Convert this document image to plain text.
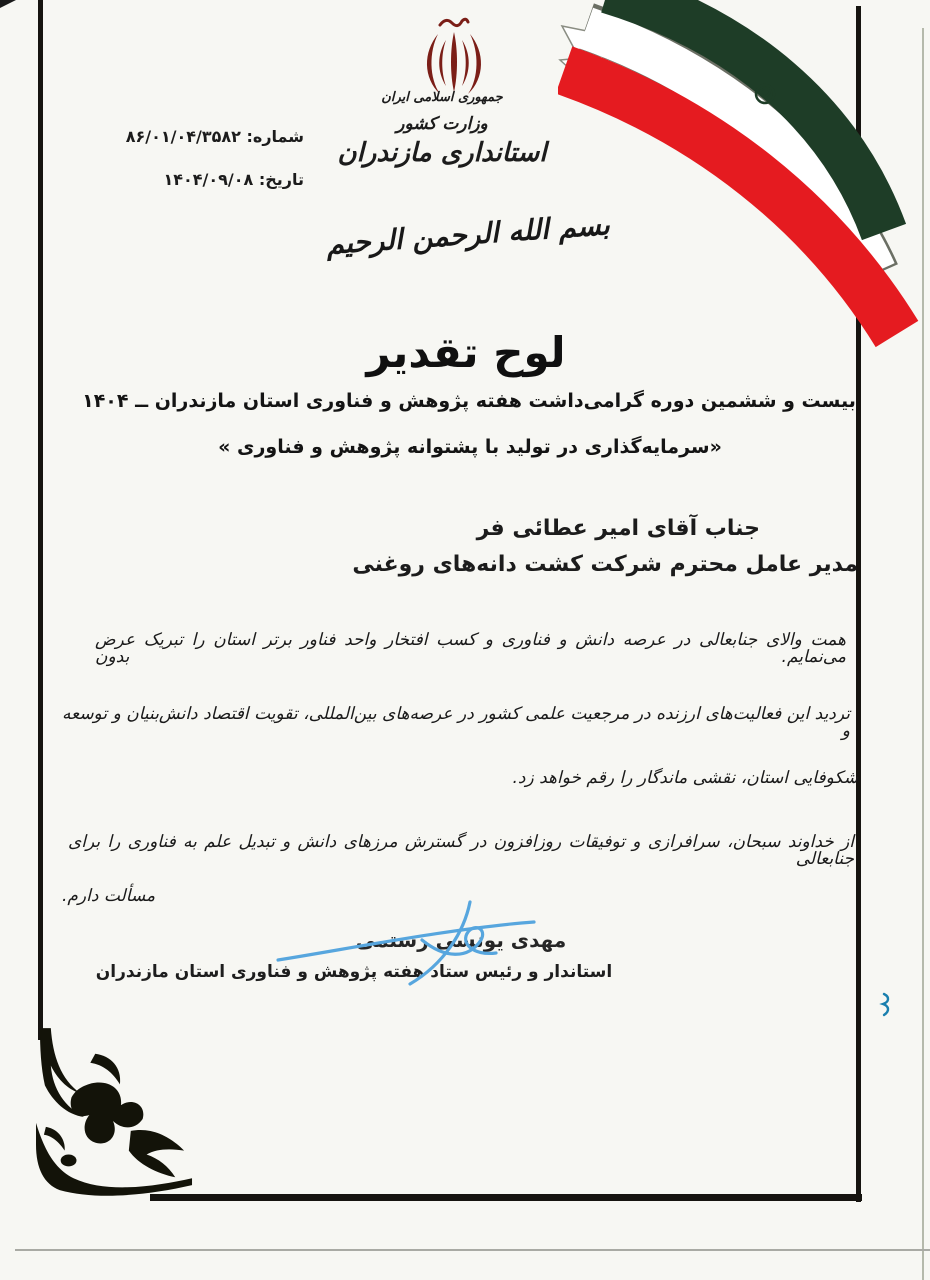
جمهوری اسلامی ایران
وزارت کشور
استانداری مازندران
شماره: ۸۶/۰۱/۰۴/۳۵۸۲
تاریخ: ۱۴۰۴/۰۹/۰۸
بسم الله الرحمن الرحیم
لوح تقدیر
بیست و ششمین دوره گرامی‌داشت هفته پژوهش و فناوری استان مازندران ــ ۱۴۰۴
«سرمایه‌گذاری در تولید با پشتوانه پژوهش و فناوری »
جناب آقای امیر عطائی فر
مدیر عامل محترم شرکت کشت دانه‌های روغنی
همت والای جنابعالی در عرصه دانش و فناوری و کسب افتخار واحد فناور برتر استان را تبریک عرض می‌نمایم. بدون
تردید این فعالیت‌های ارزنده در مرجعیت علمی کشور در عرصه‌های بین‌المللی، تقویت اقتصاد دانش‌بنیان و توسعه و
شکوفایی استان، نقشی ماندگار را رقم خواهد زد.
از خداوند سبحان، سرافرازی و توفیقات روزافزون در گسترش مرزهای دانش و تبدیل علم به فناوری را برای جنابعالی
مسألت دارم.
مهدی یونسی رستمی
استاندار و رئیس ستاد هفته پژوهش و فناوری استان مازندران
